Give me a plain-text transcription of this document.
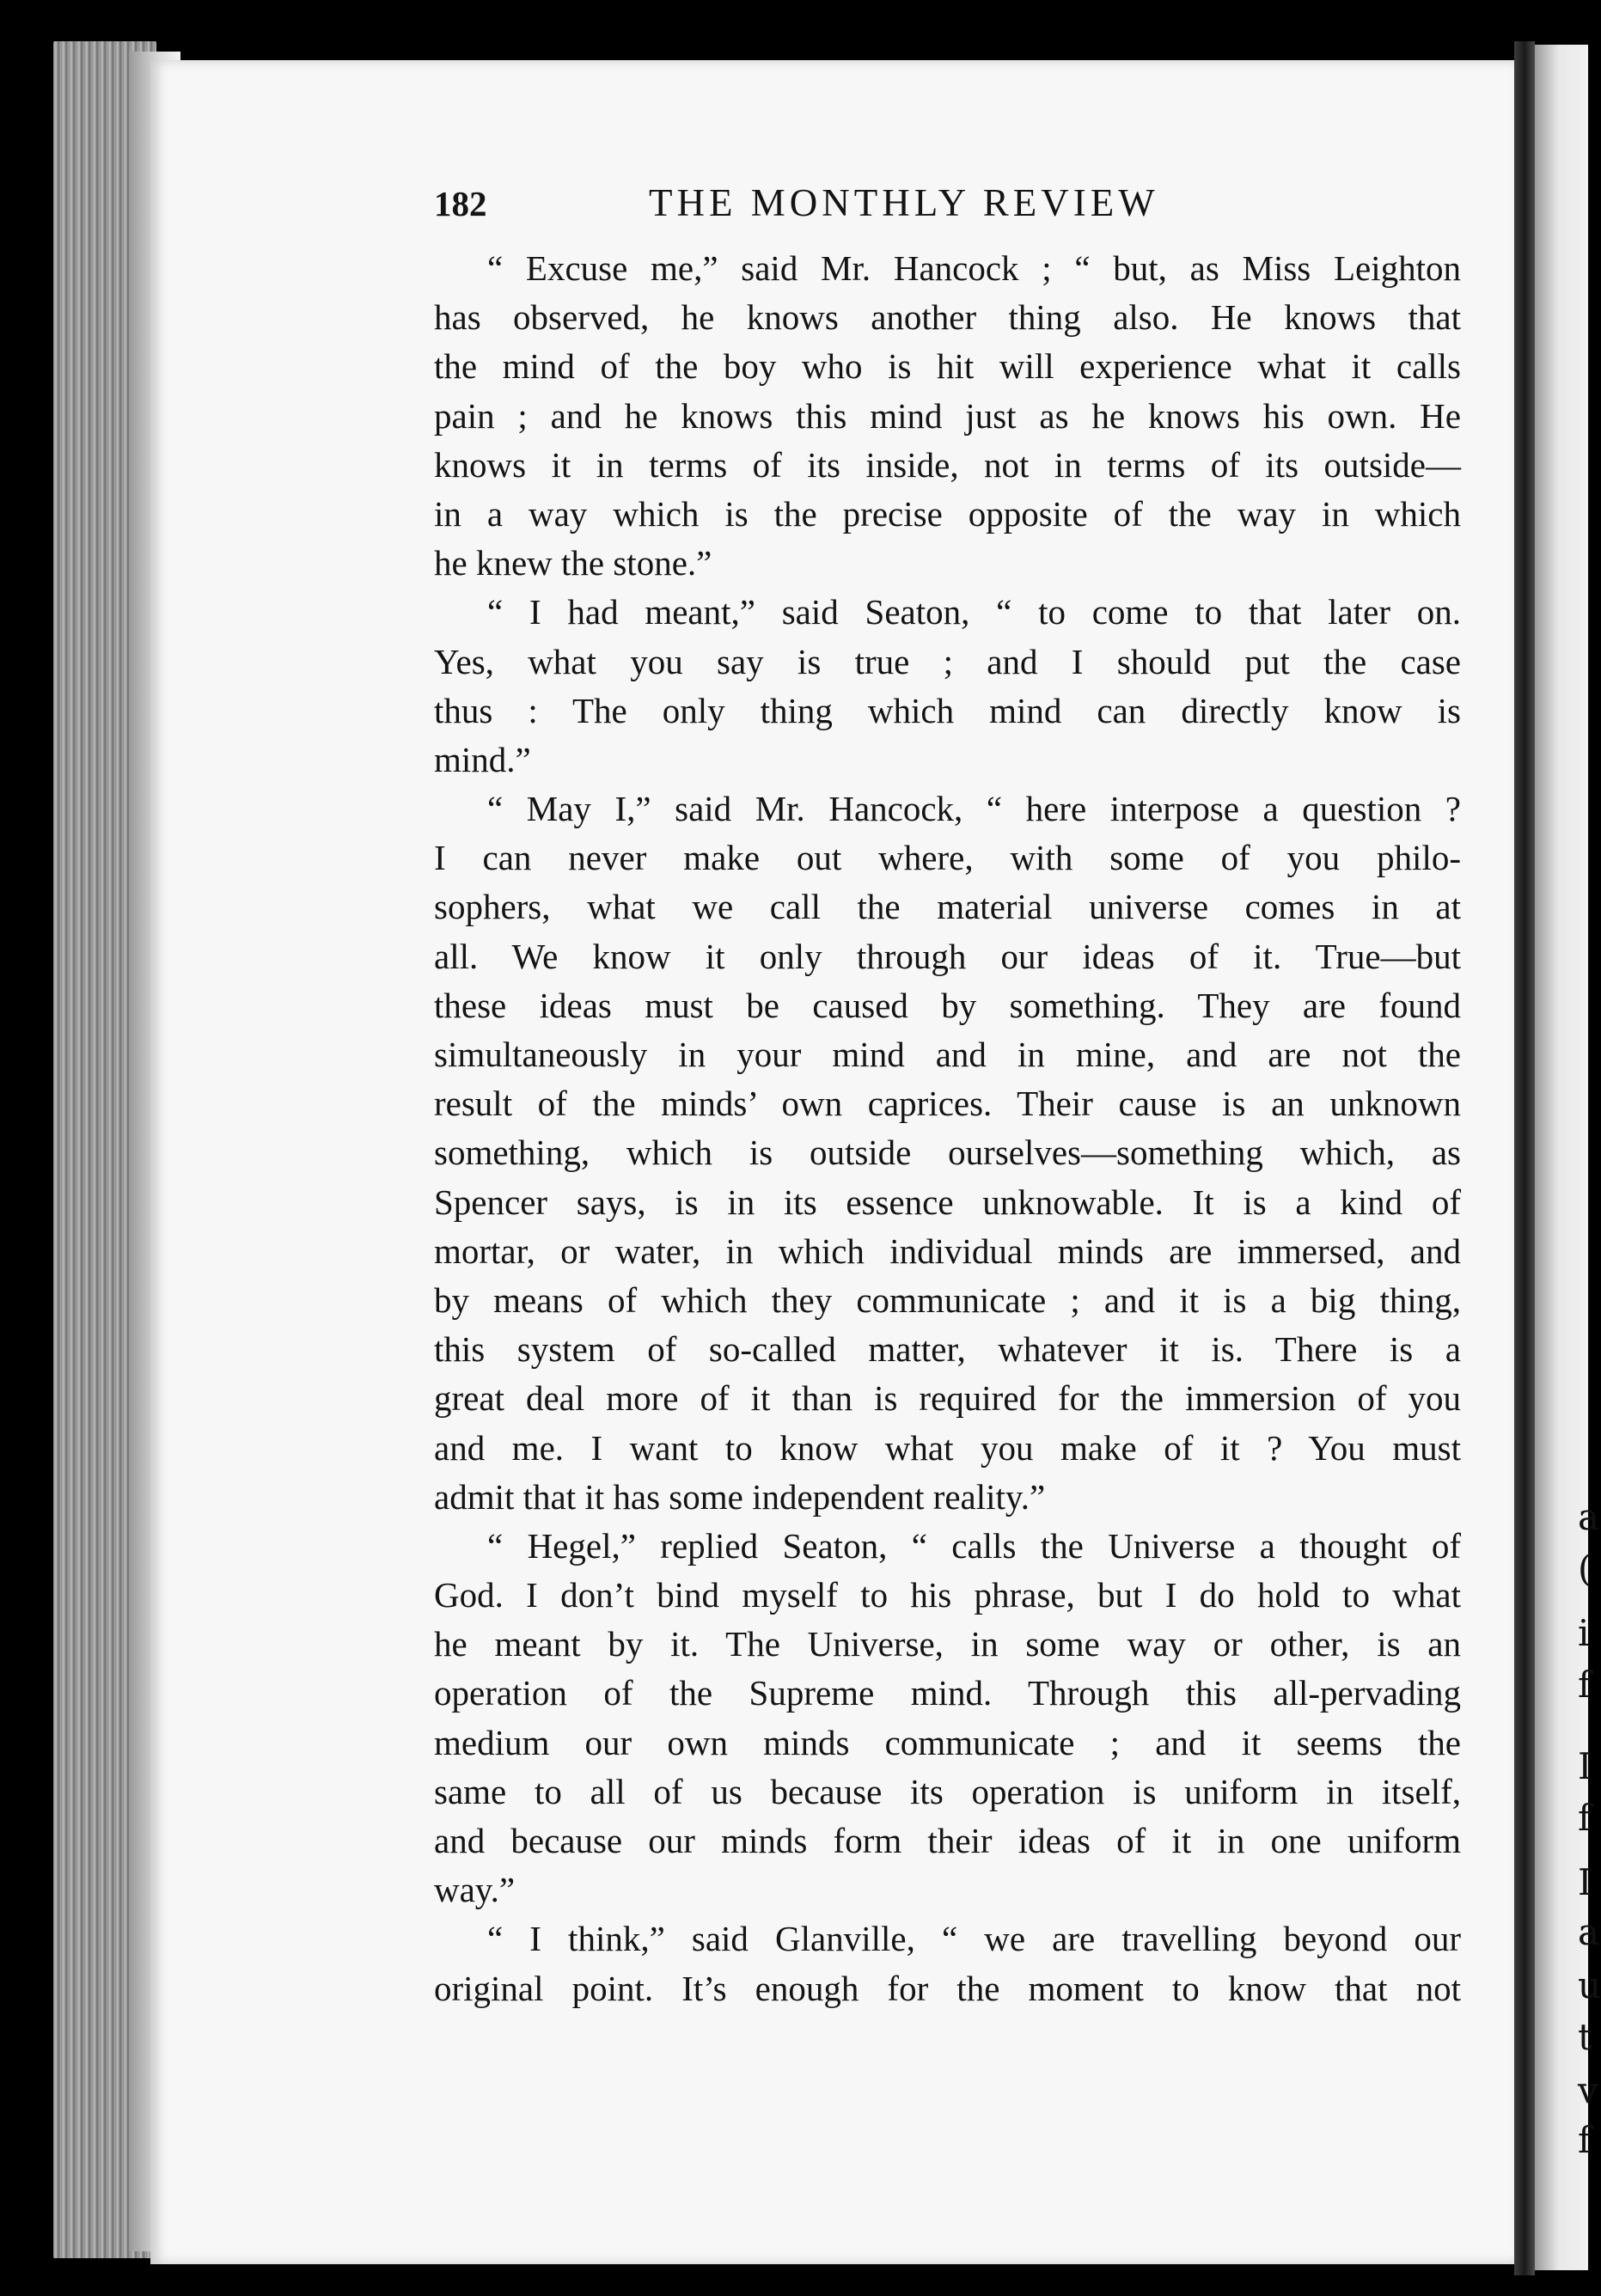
a
(
i
f
I
f
I
a
u
t
v
f
182	THE MONTHLY REVIEW
“ Excuse me,” said Mr. Hancock ; “ but, as Miss Leighton
has observed, he knows another thing also. He knows that
the mind of the boy who is hit will experience what it calls
pain ; and he knows this mind just as he knows his own. He
knows it in terms of its inside, not in terms of its outside—
in a way which is the precise opposite of the way in which
he knew the stone.”
“ I had meant,” said Seaton, “ to come to that later on.
Yes, what you say is true ; and I should put the case
thus : The only thing which mind can directly know is
mind.”
“ May I,” said Mr. Hancock, “ here interpose a question ?
I can never make out where, with some of you philo-
sophers, what we call the material universe comes in at
all. We know it only through our ideas of it. True—but
these ideas must be caused by something. They are found
simultaneously in your mind and in mine, and are not the
result of the minds’ own caprices. Their cause is an unknown
something, which is outside ourselves—something which, as
Spencer says, is in its essence unknowable. It is a kind of
mortar, or water, in which individual minds are immersed, and
by means of which they communicate ; and it is a big thing,
this system of so-called matter, whatever it is. There is a
great deal more of it than is required for the immersion of you
and me. I want to know what you make of it ? You must
admit that it has some independent reality.”
“ Hegel,” replied Seaton, “ calls the Universe a thought of
God. I don’t bind myself to his phrase, but I do hold to what
he meant by it. The Universe, in some way or other, is an
operation of the Supreme mind. Through this all-pervading
medium our own minds communicate ; and it seems the
same to all of us because its operation is uniform in itself,
and because our minds form their ideas of it in one uniform
way.”
“ I think,” said Glanville, “ we are travelling beyond our
original point. It’s enough for the moment to know that not
